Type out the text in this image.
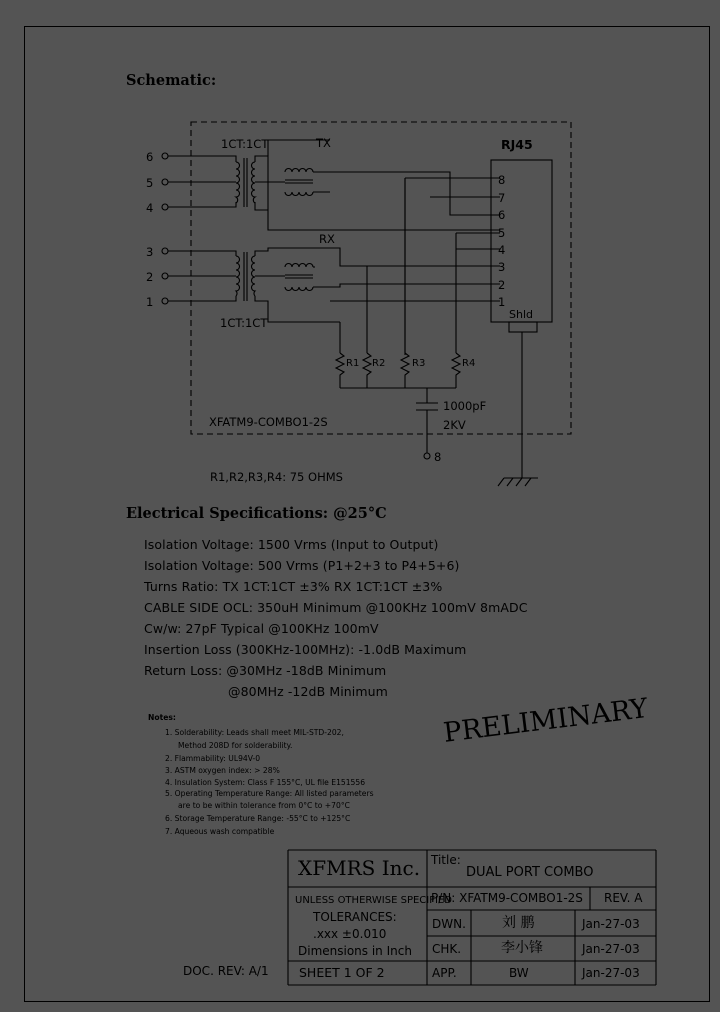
Schematic:
6
5
4
3
2
1
1CT:1CT
1CT:1CT
TX
RX
RJ45
8
7
6
5
4
3
2
1
Shld
R1 R2	R3	R4
1000pF
2KV
8
XFATM9-COMBO1-2S
R1,R2,R3,R4: 75 OHMS
Electrical Specifications: @25°C
Isolation Voltage: 1500 Vrms (Input to Output)
Isolation Voltage: 500 Vrms (P1+2+3 to P4+5+6)
Turns Ratio: TX 1CT:1CT ±3% RX 1CT:1CT ±3%
CABLE SIDE OCL: 350uH Minimum @100KHz 100mV 8mADC
Cw/w: 27pF Typical @100KHz 100mV
Insertion Loss (300KHz-100MHz): -1.0dB Maximum
Return Loss: @30MHz -18dB Minimum
@80MHz -12dB Minimum
Notes:
1. Solderability: Leads shall meet MIL-STD-202,
Method 208D for solderability.
2. Flammability: UL94V-0
3. ASTM oxygen index: > 28%
4. Insulation System: Class F 155°C, UL file E151556
5. Operating Temperature Range: All listed parameters
are to be within tolerance from 0°C to +70°C
6. Storage Temperature Range: -55°C to +125°C
7. Aqueous wash compatible
PRELIMINARY
XFMRS Inc. Title:
DUAL PORT COMBO
UNLESS OTHERWISE SPECIFIED
TOLERANCES:
.xxx ±0.010
Dimensions in Inch
SHEET 1 OF 2
P/N: XFATM9-COMBO1-2S REV. A
DWN.	刘 鹏	Jan-27-03
CHK.	李小锋	Jan-27-03
APP.	BW	Jan-27-03
DOC. REV: A/1
